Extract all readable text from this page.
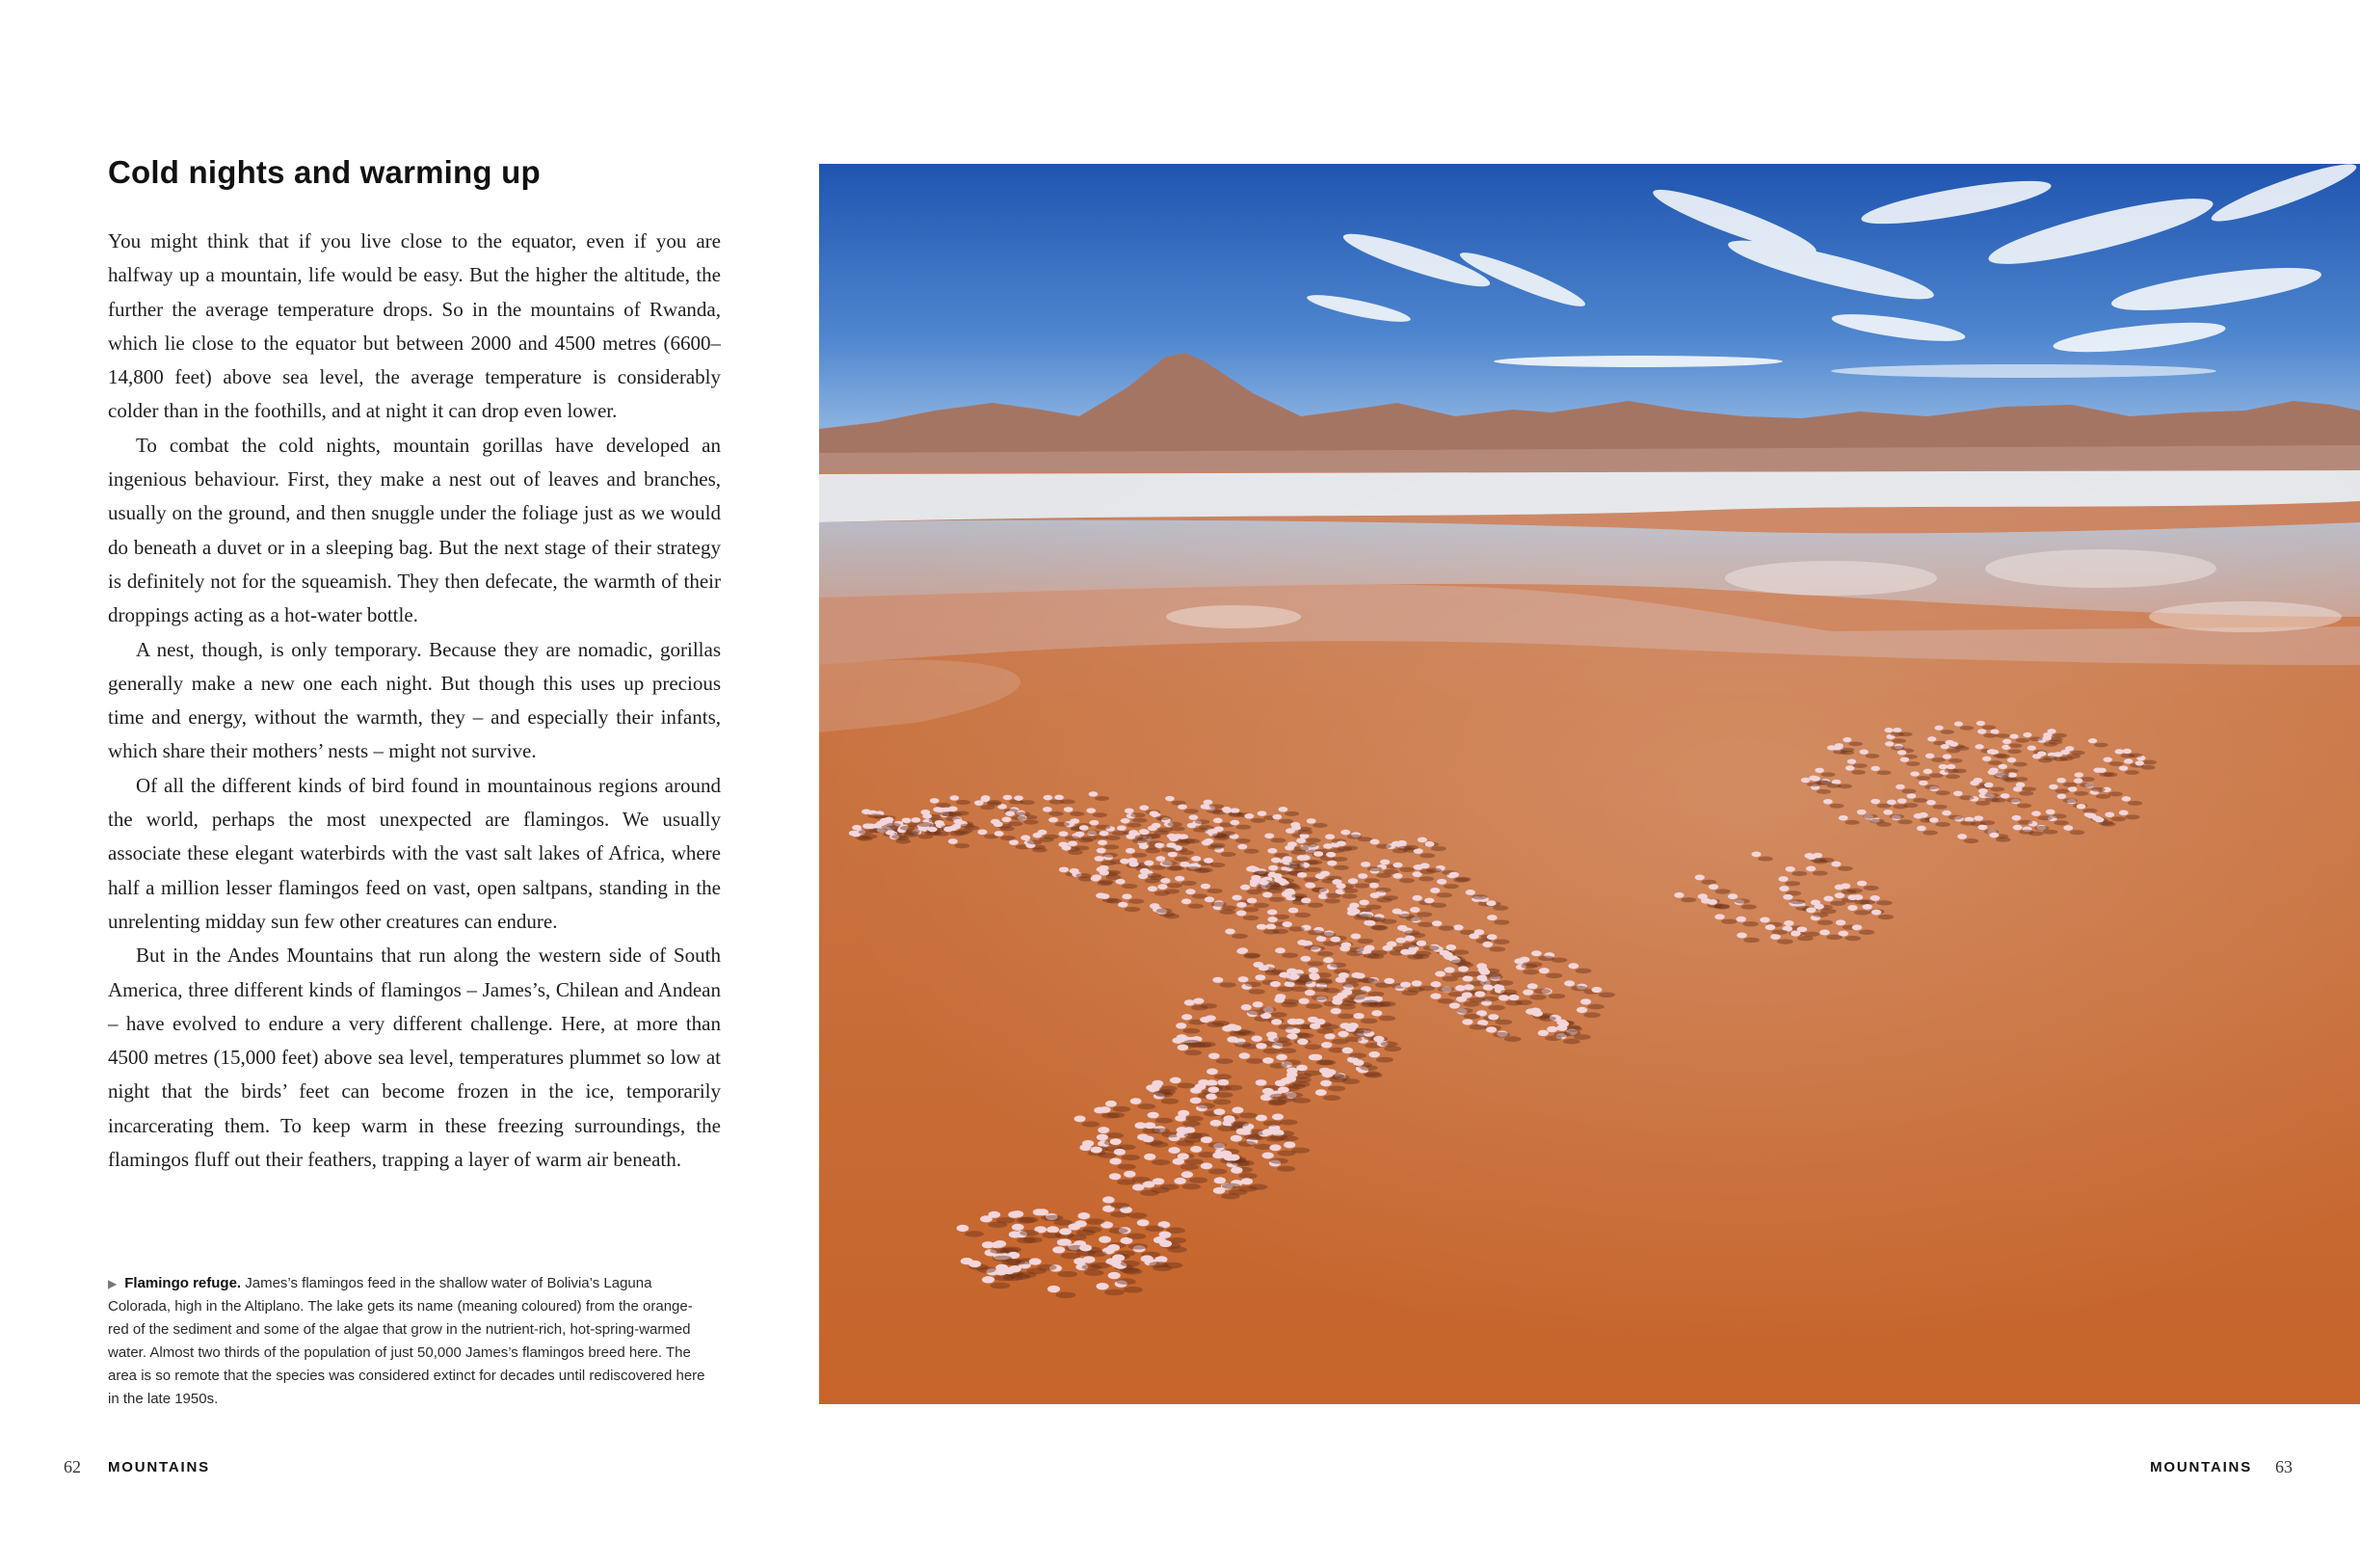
Cold nights and warming up

You might think that if you live close to the equator, even if you are halfway up a mountain, life would be easy. But the higher the altitude, the further the average temperature drops. So in the mountains of Rwanda, which lie close to the equator but between 2000 and 4500 metres (6600–14,800 feet) above sea level, the average temperature is considerably colder than in the foothills, and at night it can drop even lower.

To combat the cold nights, mountain gorillas have developed an ingenious behaviour. First, they make a nest out of leaves and branches, usually on the ground, and then snuggle under the foliage just as we would do beneath a duvet or in a sleeping bag. But the next stage of their strategy is definitely not for the squeamish. They then defecate, the warmth of their droppings acting as a hot-water bottle.

A nest, though, is only temporary. Because they are nomadic, gorillas generally make a new one each night. But though this uses up precious time and energy, without the warmth, they – and especially their infants, which share their mothers’ nests – might not survive.

Of all the different kinds of bird found in mountainous regions around the world, perhaps the most unexpected are flamingos. We usually associate these elegant waterbirds with the vast salt lakes of Africa, where half a million lesser flamingos feed on vast, open saltpans, standing in the unrelenting midday sun few other creatures can endure.

But in the Andes Mountains that run along the western side of South America, three different kinds of flamingos – James’s, Chilean and Andean – have evolved to endure a very different challenge. Here, at more than 4500 metres (15,000 feet) above sea level, temperatures plummet so low at night that the birds’ feet can become frozen in the ice, temporarily incarcerating them. To keep warm in these freezing surroundings, the flamingos fluff out their feathers, trapping a layer of warm air beneath.

▶ Flamingo refuge. James’s flamingos feed in the shallow water of Bolivia’s Laguna Colorada, high in the Altiplano. The lake gets its name (meaning coloured) from the orange-red of the sediment and some of the algae that grow in the nutrient-rich, hot-spring-warmed water. Almost two thirds of the population of just 50,000 James’s flamingos breed here. The area is so remote that the species was considered extinct for decades until rediscovered here in the late 1950s.
62 MOUNTAINS	MOUNTAINS 63
